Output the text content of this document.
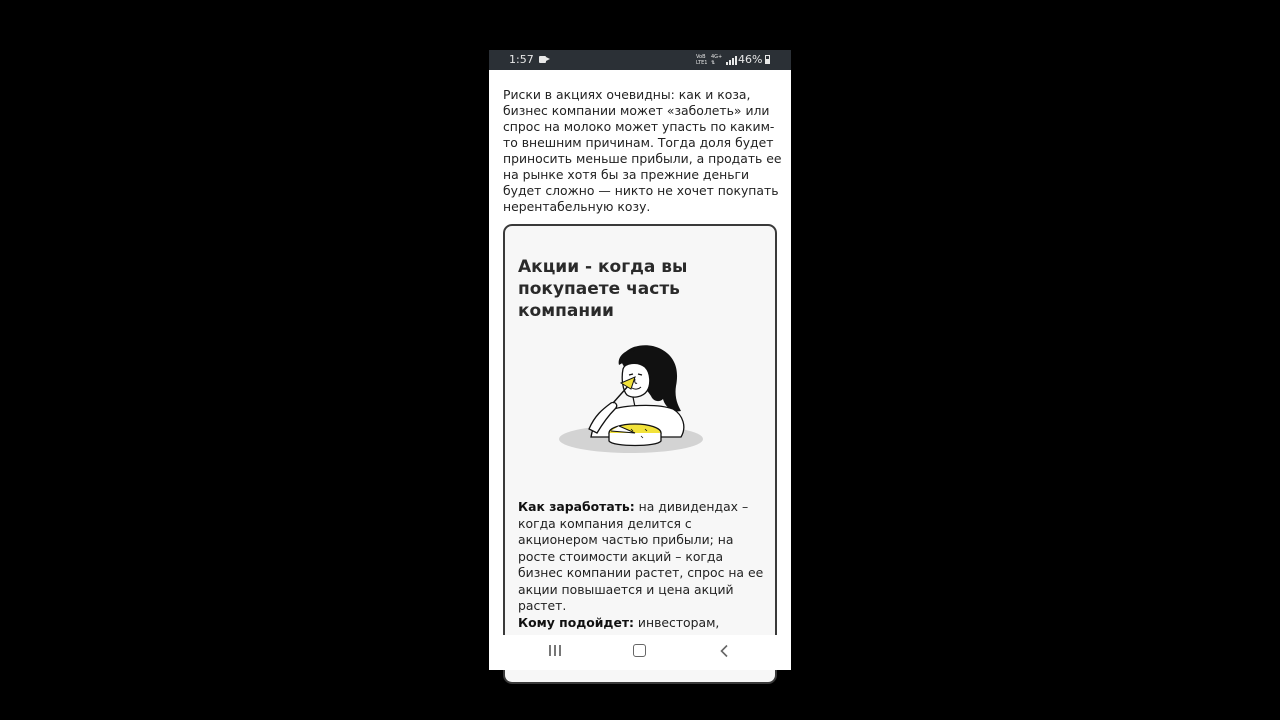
1:57	VoB
LTE1
4G+
⇅	46%

Риски в акциях очевидны: как и коза, бизнес компании может «заболеть» или спрос на молоко может упасть по каким-то внешним причинам. Тогда доля будет приносить меньше прибыли, а продать ее на рынке хотя бы за прежние деньги будет сложно — никто не хочет покупать нерентабельную козу.

Акции - когда вы покупаете часть компании

Как заработать: на дивидендах – когда компания делится с акционером частью прибыли; на росте стоимости акций – когда бизнес компании растет, спрос на ее акции повышается и цена акций растет.

Кому подойдет: инвесторам,
